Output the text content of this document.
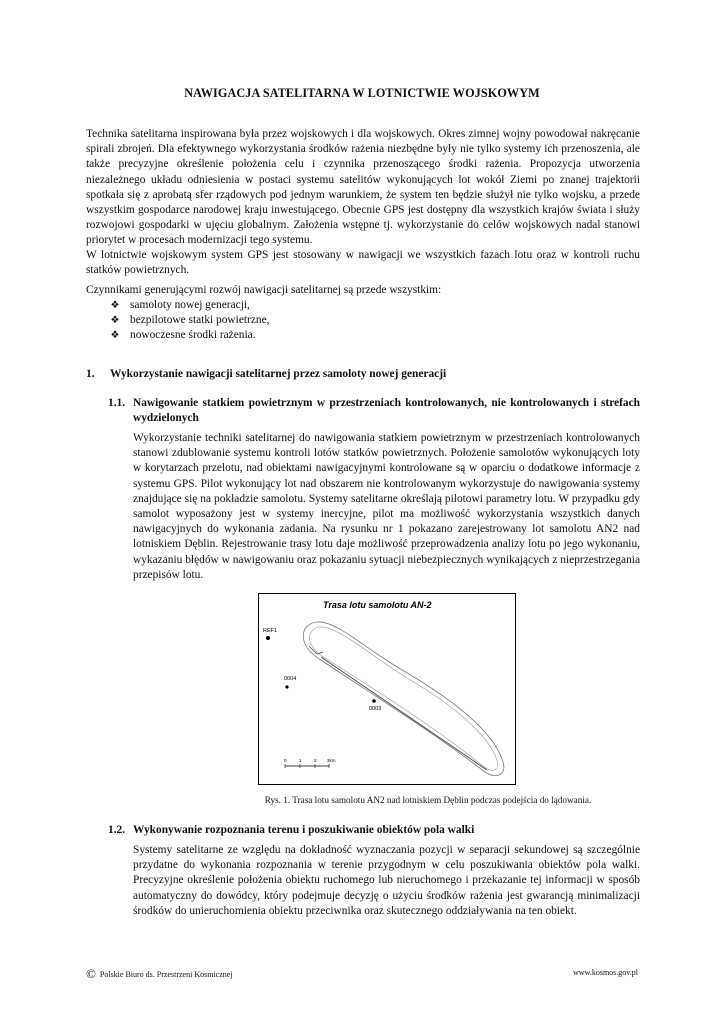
NAWIGACJA SATELITARNA W LOTNICTWIE WOJSKOWYM

Technika satelitarna inspirowana była przez wojskowych i dla wojskowych. Okres zimnej wojny powodował nakręcanie spirali zbrojeń. Dla efektywnego wykorzystania środków rażenia niezbędne były nie tylko systemy ich przenoszenia, ale także precyzyjne określenie położenia celu i czynnika przenoszącego środki rażenia. Propozycja utworzenia niezależnego układu odniesienia w postaci systemu satelitów wykonujących lot wokół Ziemi po znanej trajektorii spotkała się z aprobatą sfer rządowych pod jednym warunkiem, że system ten będzie służył nie tylko wojsku, a przede wszystkim gospodarce narodowej kraju inwestującego. Obecnie GPS jest dostępny dla wszystkich krajów świata i służy rozwojowi gospodarki w ujęciu globalnym. Założenia wstępne tj. wykorzystanie do celów wojskowych nadal stanowi priorytet w procesach modernizacji tego systemu.

W lotnictwie wojskowym system GPS jest stosowany w nawigacji we wszystkich fazach lotu oraz w kontroli ruchu statków powietrznych.

Czynnikami generującymi rozwój nawigacji satelitarnej są przede wszystkim:

❖ samoloty nowej generacji,
❖ bezpilotowe statki powietrzne,
❖ nowoczesne środki rażenia.
1. Wykorzystanie nawigacji satelitarnej przez samoloty nowej generacji
1.1. Nawigowanie statkiem powietrznym w przestrzeniach kontrolowanych, nie kontrolowanych i strefach wydzielonych

Wykorzystanie techniki satelitarnej do nawigowania statkiem powietrznym w przestrzeniach kontrolowanych stanowi zdublowanie systemu kontroli lotów statków powietrznych. Położenie samolotów wykonujących loty w korytarzach przelotu, nad obiektami nawigacyjnymi kontrolowane są w oparciu o dodatkowe informacje z systemu GPS. Pilot wykonujący lot nad obszarem nie kontrolowanym wykorzystuje do nawigowania systemy znajdujące się na pokładzie samolotu. Systemy satelitarne określają pilotowi parametry lotu. W przypadku gdy samolot wyposażony jest w systemy inercyjne, pilot ma możliwość wykorzystania wszystkich danych nawigacyjnych do wykonania zadania. Na rysunku nr 1 pokazano zarejestrowany lot samolotu AN2 nad lotniskiem Dęblin. Rejestrowanie trasy lotu daje możliwość przeprowadzenia analizy lotu po jego wykonaniu, wykazaniu błędów w nawigowaniu oraz pokazaniu sytuacji niebezpiecznych wynikających z nieprzestrzegania przepisów lotu.

Trasa lotu samolotu AN-2
REF1
0004
0003
0	1	2 3km
Rys. 1. Trasa lotu samolotu AN2 nad lotniskiem Dęblin podczas podejścia do lądowania.
1.2. Wykonywanie rozpoznania terenu i poszukiwanie obiektów pola walki

Systemy satelitarne ze względu na dokładność wyznaczania pozycji w separacji sekundowej są szczególnie przydatne do wykonania rozpoznania w terenie przygodnym w celu poszukiwania obiektów pola walki. Precyzyjne określenie położenia obiektu ruchomego lub nieruchomego i przekazanie tej informacji w sposób automatyczny do dowódcy, który podejmuje decyzję o użyciu środków rażenia jest gwarancją minimalizacji środków do unieruchomienia obiektu przeciwnika oraz skutecznego oddziaływania na ten obiekt.

© Polskie Biuro ds. Przestrzeni Kosmicznej	www.kosmos.gov.pl
